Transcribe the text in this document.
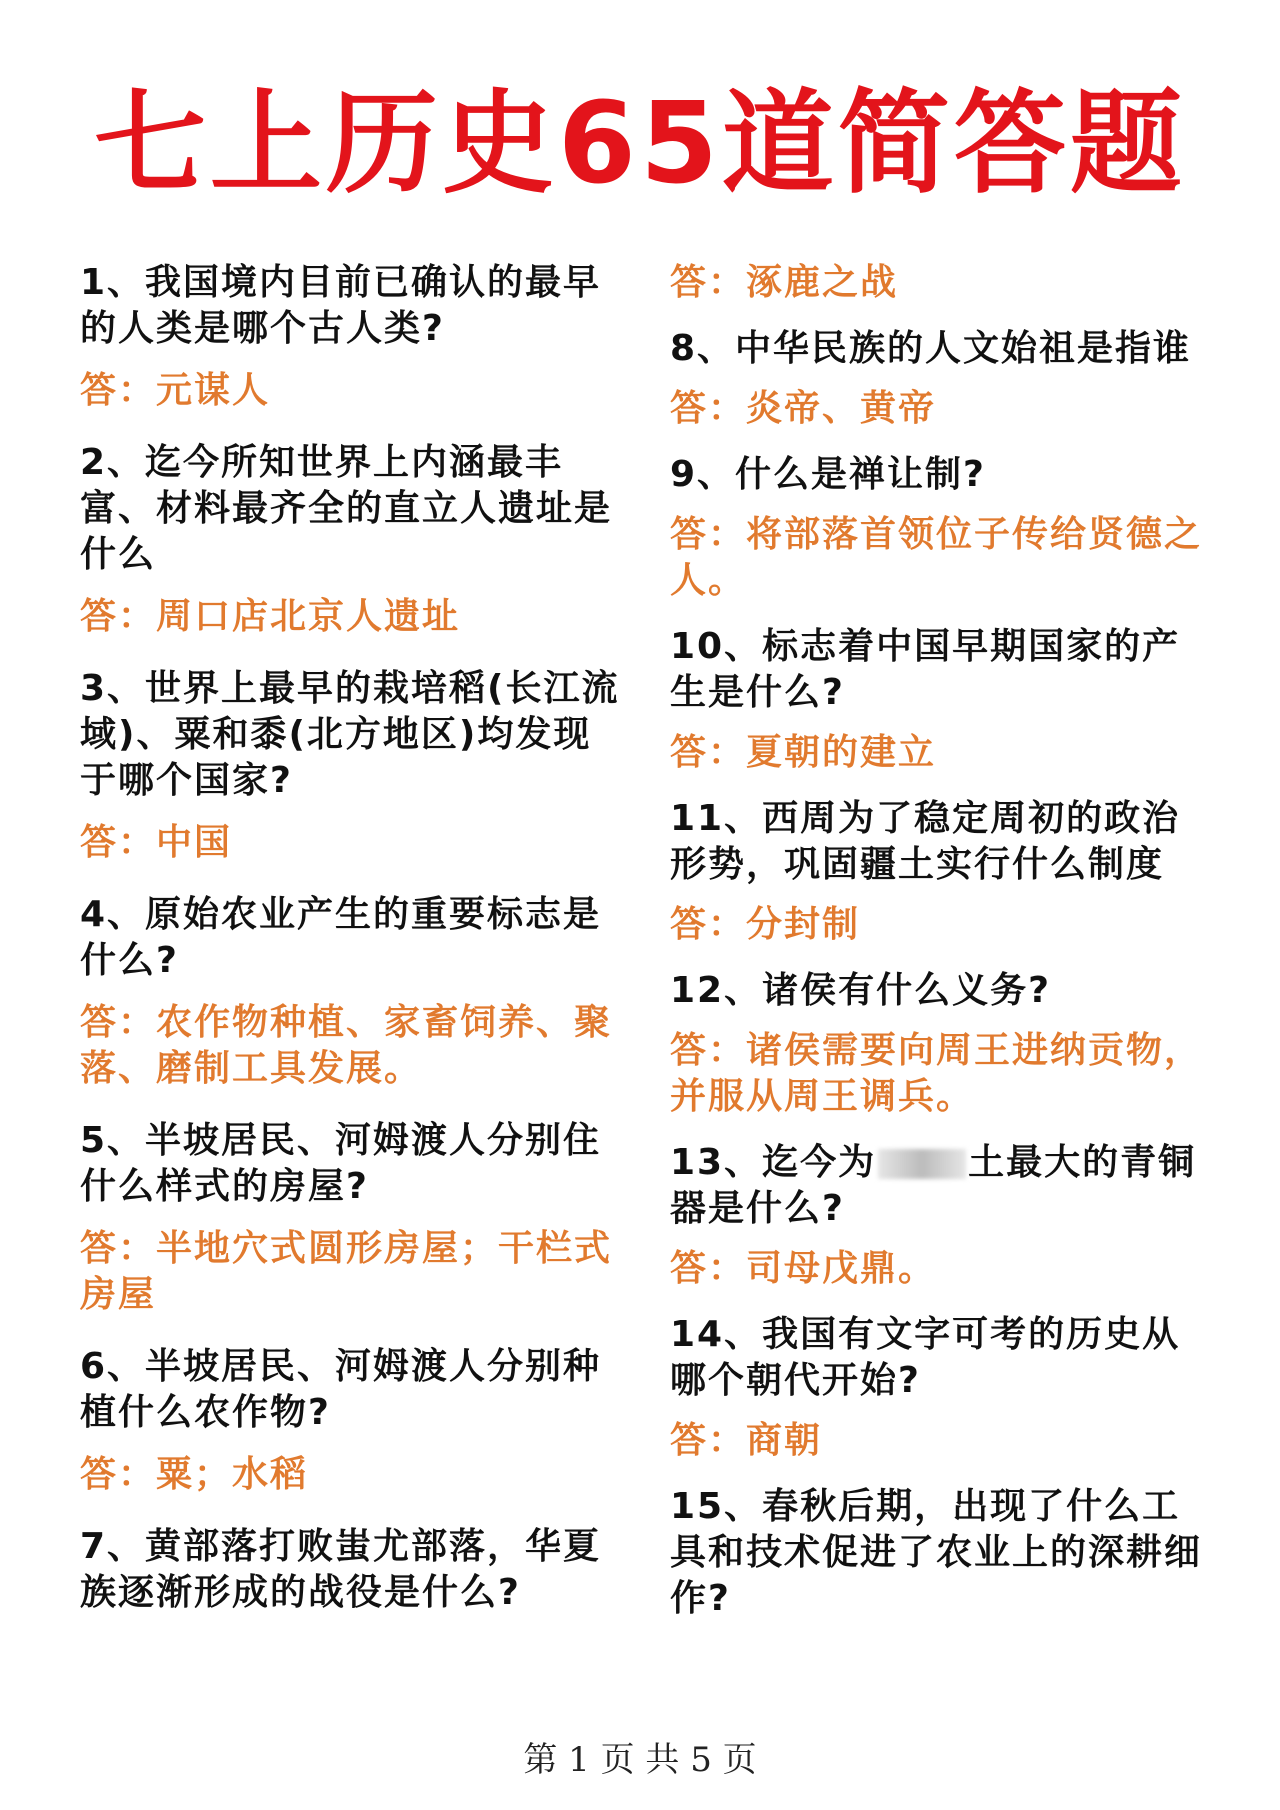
七上历史65道简答题
1、我国境内目前已确认的最早的人类是哪个古人类?
答：元谋人
2、迄今所知世界上内涵最丰富、材料最齐全的直立人遗址是什么
答：周口店北京人遗址
3、世界上最早的栽培稻(长江流域)、粟和黍(北方地区)均发现于哪个国家?
答：中国
4、原始农业产生的重要标志是什么?
答：农作物种植、家畜饲养、聚落、磨制工具发展。
5、半坡居民、河姆渡人分别住什么样式的房屋?
答：半地穴式圆形房屋；干栏式房屋
6、半坡居民、河姆渡人分别种植什么农作物?
答：粟；水稻
7、黄部落打败蚩尤部落，华夏族逐渐形成的战役是什么?
答：涿鹿之战
8、中华民族的人文始祖是指谁
答：炎帝、黄帝
9、什么是禅让制?
答：将部落首领位子传给贤德之人。
10、标志着中国早期国家的产生是什么?
答：夏朝的建立
11、西周为了稳定周初的政治形势，巩固疆土实行什么制度
答：分封制
12、诸侯有什么义务?
答：诸侯需要向周王进纳贡物，并服从周王调兵。
13、迄今为	土最大的青铜器是什么?
答：司母戊鼎。
14、我国有文字可考的历史从哪个朝代开始?
答：商朝
15、春秋后期，出现了什么工具和技术促进了农业上的深耕细作?
第 1 页 共 5 页
